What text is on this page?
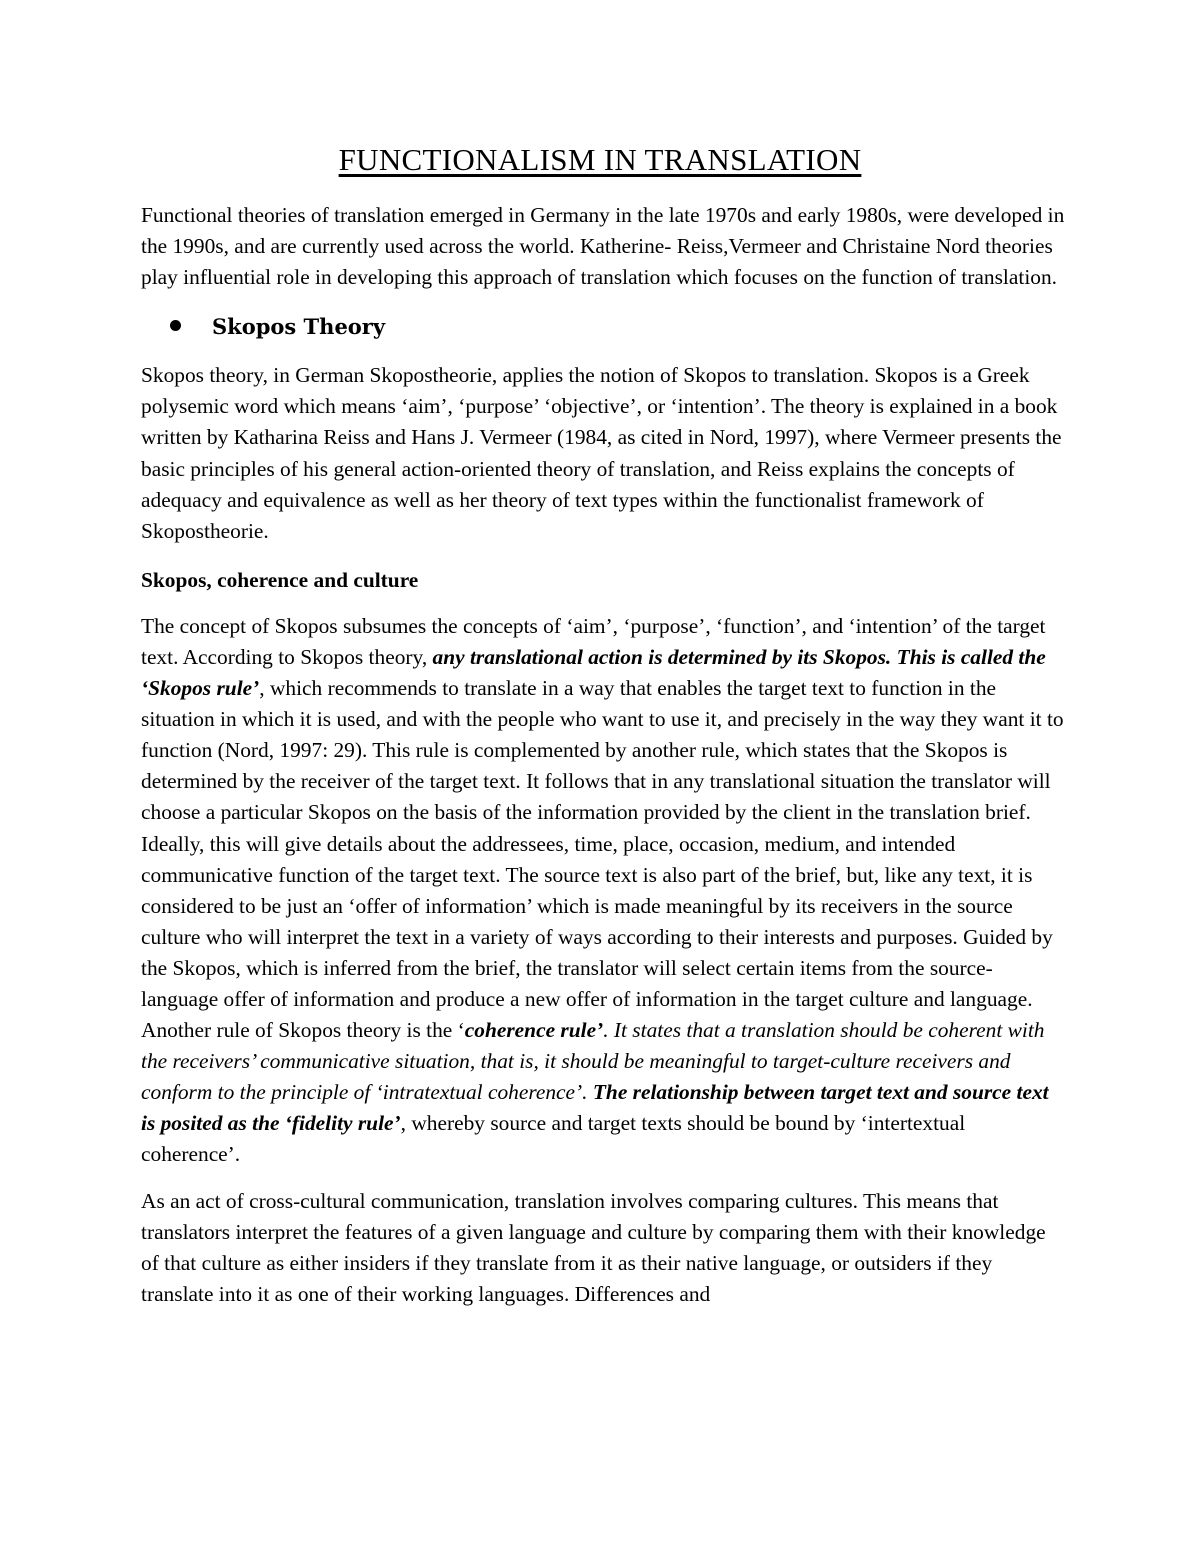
FUNCTIONALISM IN TRANSLATION

Functional theories of translation emerged in Germany in the late 1970s and early 1980s, were developed in the 1990s, and are currently used across the world. Katherine- Reiss,Vermeer and Christaine Nord theories play influential role in developing this approach of translation which focuses on the function of translation.

Skopos Theory

Skopos theory, in German Skopostheorie, applies the notion of Skopos to translation. Skopos is a Greek polysemic word which means ‘aim’, ‘purpose’ ‘objective’, or ‘intention’. The theory is explained in a book written by Katharina Reiss and Hans J. Vermeer (1984, as cited in Nord, 1997), where Vermeer presents the basic principles of his general action-oriented theory of translation, and Reiss explains the concepts of adequacy and equivalence as well as her theory of text types within the functionalist framework of Skopostheorie.

Skopos, coherence and culture

The concept of Skopos subsumes the concepts of ‘aim’, ‘purpose’, ‘function’, and ‘intention’ of the target text. According to Skopos theory, any translational action is determined by its Skopos. This is called the ‘Skopos rule’, which recommends to translate in a way that enables the target text to function in the situation in which it is used, and with the people who want to use it, and precisely in the way they want it to function (Nord, 1997: 29). This rule is complemented by another rule, which states that the Skopos is determined by the receiver of the target text. It follows that in any translational situation the translator will choose a particular Skopos on the basis of the information provided by the client in the translation brief. Ideally, this will give details about the addressees, time, place, occasion, medium, and intended communicative function of the target text. The source text is also part of the brief, but, like any text, it is considered to be just an ‘offer of information’ which is made meaningful by its receivers in the source culture who will interpret the text in a variety of ways according to their interests and purposes. Guided by the Skopos, which is inferred from the brief, the translator will select certain items from the source-language offer of information and produce a new offer of information in the target culture and language. Another rule of Skopos theory is the ‘coherence rule’. It states that a translation should be coherent with the receivers’ communicative situation, that is, it should be meaningful to target-culture receivers and conform to the principle of ‘intratextual coherence’. The relationship between target text and source text is posited as the ‘fidelity rule’, whereby source and target texts should be bound by ‘intertextual coherence’.

As an act of cross-cultural communication, translation involves comparing cultures. This means that translators interpret the features of a given language and culture by comparing them with their knowledge of that culture as either insiders if they translate from it as their native language, or outsiders if they translate into it as one of their working languages. Differences and
